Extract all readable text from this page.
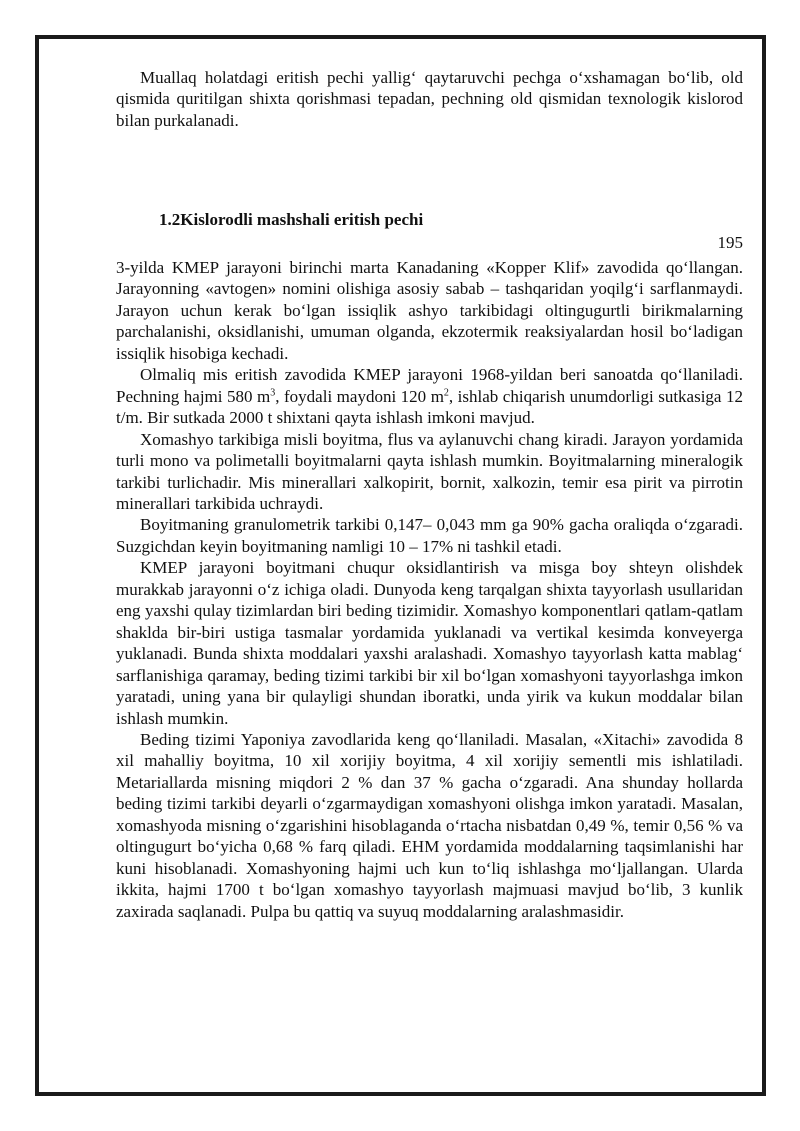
Muallaq holatdagi eritish pechi yallig‘ qaytaruvchi pechga o‘xshamagan bo‘lib, old qismida quritilgan shixta qorishmasi tepadan, pechning old qismidan texnologik kislorod bilan purkalanadi.

1.2Kislorodli mashshali eritish pechi
195

3-yilda KMEP jarayoni birinchi marta Kanadaning «Kopper Klif» zavodida qo‘llangan. Jarayonning «avtogen» nomini olishiga asosiy sabab – tashqaridan yoqilg‘i sarflanmaydi. Jarayon uchun kerak bo‘lgan issiqlik ashyo tarkibidagi oltingugurtli birikmalarning parchalanishi, oksidlanishi, umuman olganda, ekzotermik reaksiyalardan hosil bo‘ladigan issiqlik hisobiga kechadi.

Olmaliq mis eritish zavodida KMEP jarayoni 1968-yildan beri sanoatda qo‘llaniladi. Pechning hajmi 580 $m^3$, foydali maydoni 120 $m^2$, ishlab chiqarish unumdorligi sutkasiga 12 t/m. Bir sutkada 2000 t shixtani qayta ishlash imkoni mavjud.

Xomashyo tarkibiga misli boyitma, flus va aylanuvchi chang kiradi. Jarayon yordamida turli mono va polimetalli boyitmalarni qayta ishlash mumkin. Boyitmalarning mineralogik tarkibi turlichadir. Mis minerallari xalkopirit, bornit, xalkozin, temir esa pirit va pirrotin minerallari tarkibida uchraydi.

Boyitmaning granulometrik tarkibi 0,147– 0,043 mm ga 90% gacha oraliqda o‘zgaradi. Suzgichdan keyin boyitmaning namligi 10 – 17% ni tashkil etadi.

KMEP jarayoni boyitmani chuqur oksidlantirish va misga boy shteyn olishdek murakkab jarayonni o‘z ichiga oladi. Dunyoda keng tarqalgan shixta tayyorlash usullaridan eng yaxshi qulay tizimlardan biri beding tizimidir. Xomashyo komponentlari qatlam-qatlam shaklda bir-biri ustiga tasmalar yordamida yuklanadi va vertikal kesimda konveyerga yuklanadi. Bunda shixta moddalari yaxshi aralashadi. Xomashyo tayyorlash katta mablag‘ sarflanishiga qaramay, beding tizimi tarkibi bir xil bo‘lgan xomashyoni tayyorlashga imkon yaratadi, uning yana bir qulayligi shundan iboratki, unda yirik va kukun moddalar bilan ishlash mumkin.

Beding tizimi Yaponiya zavodlarida keng qo‘llaniladi. Masalan, «Xitachi» zavodida 8 xil mahalliy boyitma, 10 xil xorijiy boyitma, 4 xil xorijiy sementli mis ishlatiladi. Metariallarda misning miqdori 2 % dan 37 % gacha o‘zgaradi. Ana shunday hollarda beding tizimi tarkibi deyarli o‘zgarmaydigan xomashyoni olishga imkon yaratadi. Masalan, xomashyoda misning o‘zgarishini hisoblaganda o‘rtacha nisbatdan 0,49 %, temir 0,56 % va oltingugurt bo‘yicha 0,68 % farq qiladi. EHM yordamida moddalarning taqsimlanishi har kuni hisoblanadi. Xomashyoning hajmi uch kun to‘liq ishlashga mo‘ljallangan. Ularda ikkita, hajmi 1700 t bo‘lgan xomashyo tayyorlash majmuasi mavjud bo‘lib, 3 kunlik zaxirada saqlanadi. Pulpa bu qattiq va suyuq moddalarning aralashmasidir.
